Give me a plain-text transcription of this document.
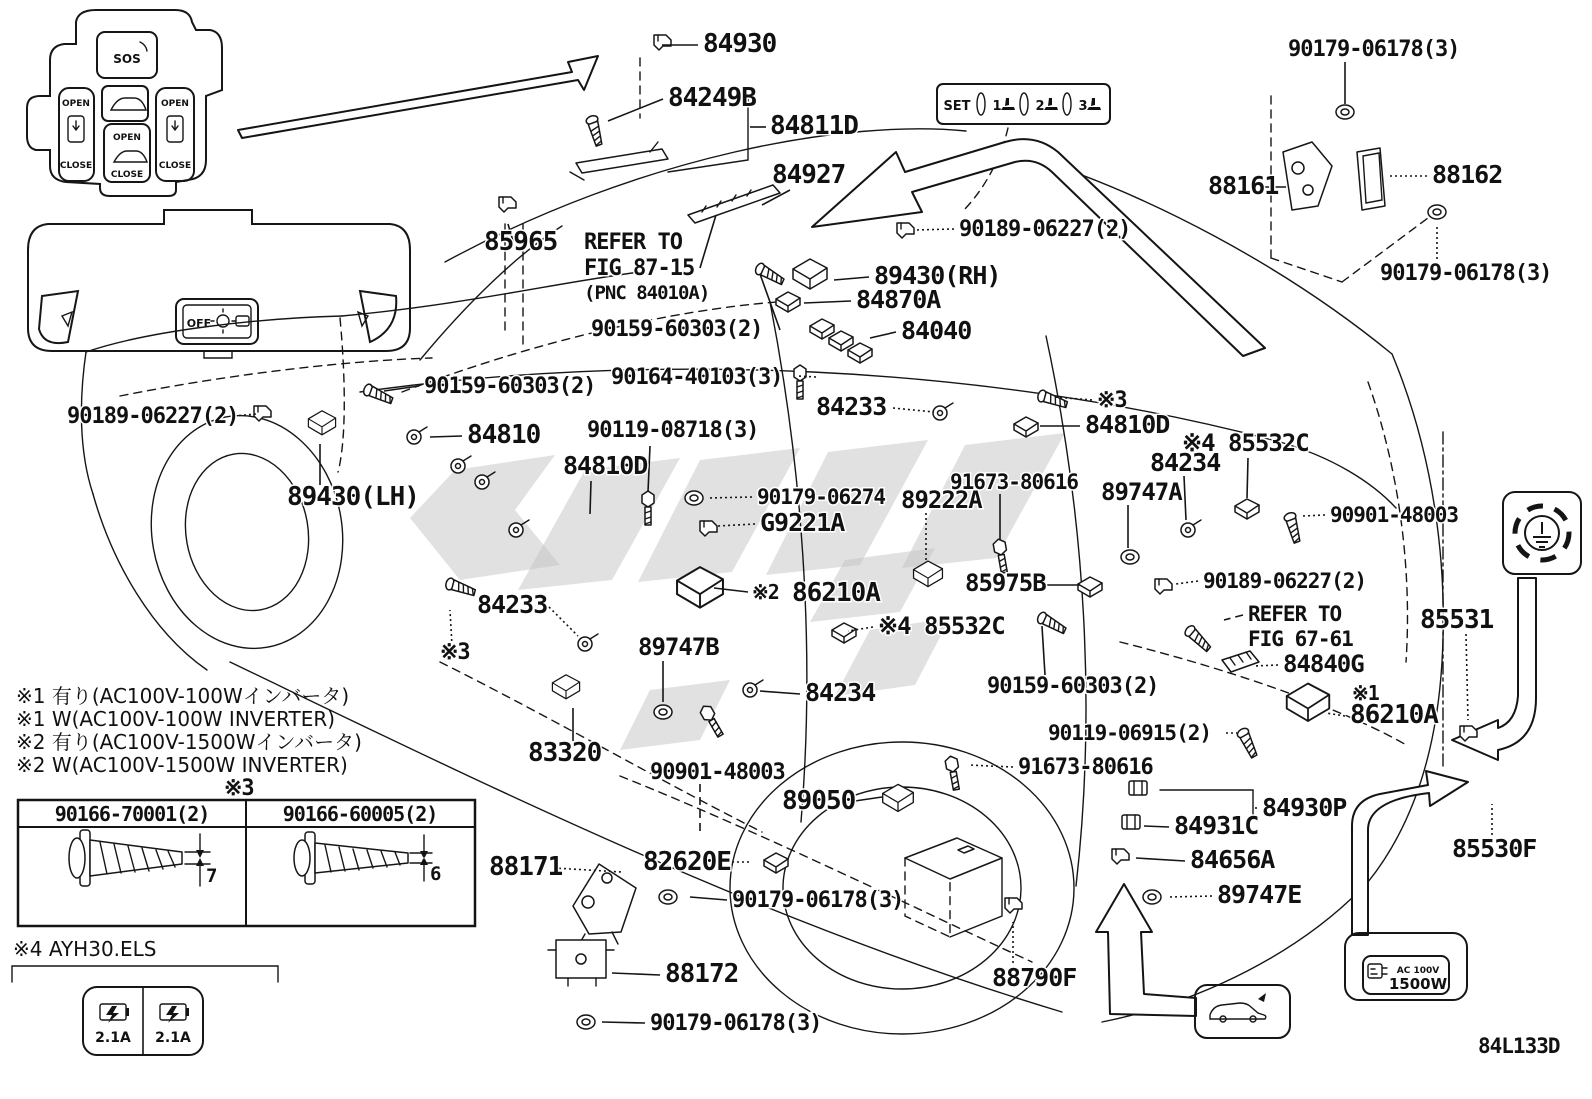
SOS
OPEN
CLOSE
OPEN
CLOSE
OPEN
CLOSE
OFF
SET 1	2	3
※1 有り(AC100V-100Wインバータ)
※1 W(AC100V-100W INVERTER)
※2 有り(AC100V-1500Wインバータ)
※2 W(AC100V-1500W INVERTER)
※3
※4 AYH30.ELS
90166-70001(2)	90166-60005(2)
7	6
2.1A 2.1A
AC 100V
1500W
84930
84249B
84811D
84927
85965 REFER TO
FIG 87-15
(PNC 84010A)
90189-06227(2)
89430(RH)
84870A
84040
90159-60303(2)
90164-40103(3)
84233	※3
84810D
90159-60303(2)
90189-06227(2)
84810 90119-08718(3)
84810D
89430(LH)	90179-06274
G9221A
89222A
91673-80616 89747A
84234
※4 85532C
90901-48003
85975B	90189-06227(2)
※2 86210A
※4 85532C	REFER TO
FIG 67-61
84840G
85531
84233
※3	89747B
84234	90159-60303(2)	※1
86210A
90119-06915(2)
83320
90901-48003	91673-80616
89050	84930P
84931C
84656A
89747E
88171	82620E
90179-06178(3)
88172
90179-06178(3)
88790F
85530F
90179-06178(3)
88161	88162
90179-06178(3)
84L133D
